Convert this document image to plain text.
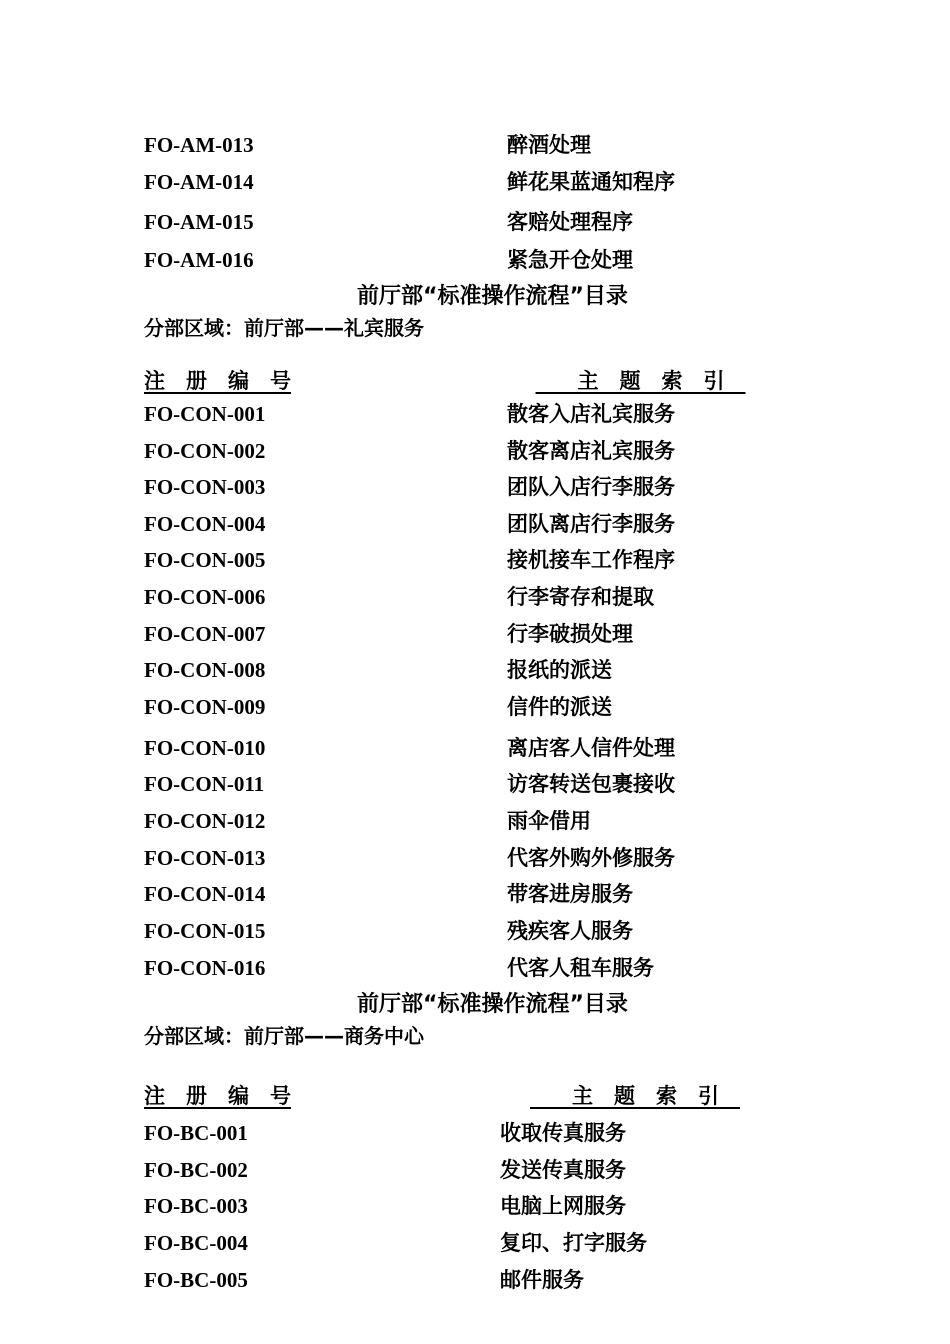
FO-AM-013	醉酒处理
FO-AM-014	鲜花果蓝通知程序
FO-AM-015	客赔处理程序
FO-AM-016	紧急开仓处理
前厅部“标准操作流程”目录
分部区域：前厅部——礼宾服务
注　册　编　号	　　主　题　索　引　
FO-CON-001	散客入店礼宾服务
FO-CON-002	散客离店礼宾服务
FO-CON-003	团队入店行李服务
FO-CON-004	团队离店行李服务
FO-CON-005	接机接车工作程序
FO-CON-006	行李寄存和提取
FO-CON-007	行李破损处理
FO-CON-008	报纸的派送
FO-CON-009	信件的派送
FO-CON-010	离店客人信件处理
FO-CON-011	访客转送包裹接收
FO-CON-012	雨伞借用
FO-CON-013	代客外购外修服务
FO-CON-014	带客进房服务
FO-CON-015	残疾客人服务
FO-CON-016	代客人租车服务
前厅部“标准操作流程”目录
分部区域：前厅部——商务中心
注　册　编　号	　　主　题　索　引　
FO-BC-001	收取传真服务
FO-BC-002	发送传真服务
FO-BC-003	电脑上网服务
FO-BC-004	复印、打字服务
FO-BC-005	邮件服务
